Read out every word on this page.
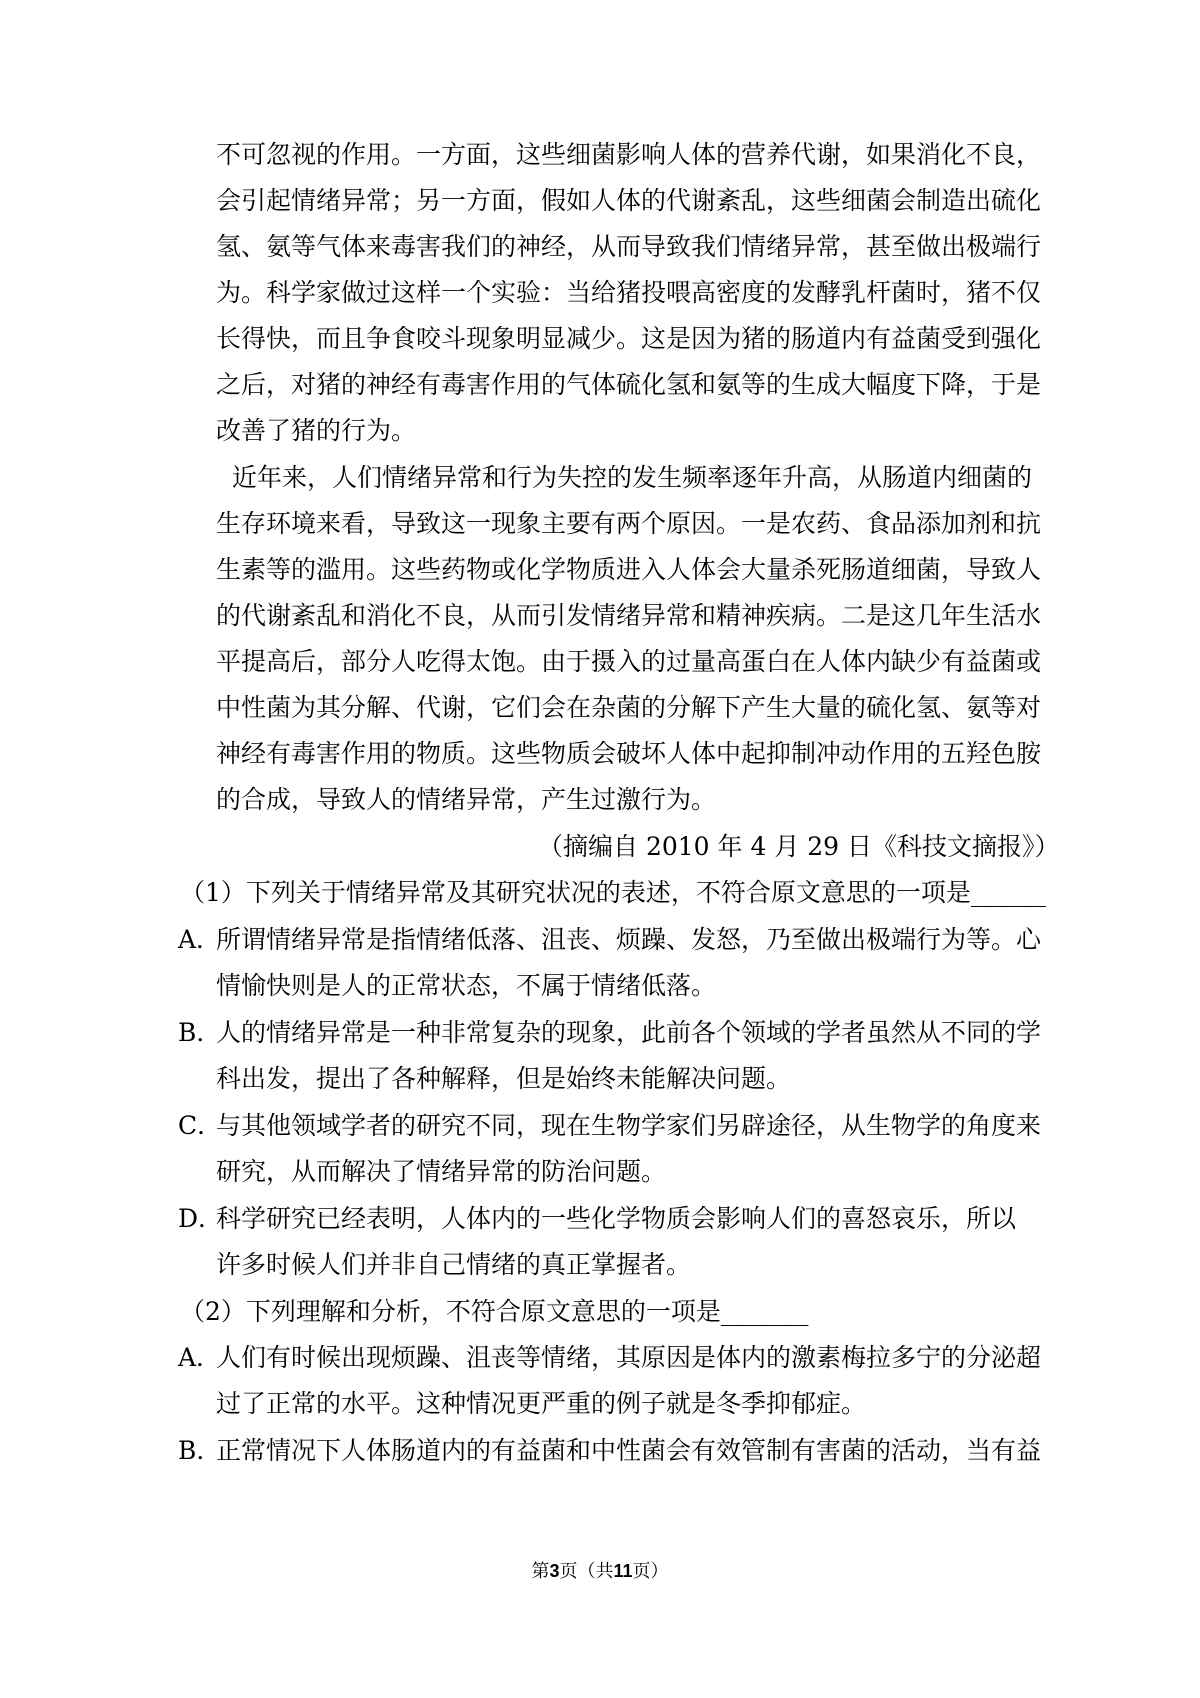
不可忽视的作用。一方面，这些细菌影响人体的营养代谢，如果消化不良，
会引起情绪异常；另一方面，假如人体的代谢紊乱，这些细菌会制造出硫化
氢、氨等气体来毒害我们的神经，从而导致我们情绪异常，甚至做出极端行
为。科学家做过这样一个实验：当给猪投喂高密度的发酵乳杆菌时，猪不仅
长得快，而且争食咬斗现象明显减少。这是因为猪的肠道内有益菌受到强化
之后，对猪的神经有毒害作用的气体硫化氢和氨等的生成大幅度下降，于是
改善了猪的行为。
近年来，人们情绪异常和行为失控的发生频率逐年升高，从肠道内细菌的
生存环境来看，导致这一现象主要有两个原因。一是农药、食品添加剂和抗
生素等的滥用。这些药物或化学物质进入人体会大量杀死肠道细菌，导致人
的代谢紊乱和消化不良，从而引发情绪异常和精神疾病。二是这几年生活水
平提高后，部分人吃得太饱。由于摄入的过量高蛋白在人体内缺少有益菌或
中性菌为其分解、代谢，它们会在杂菌的分解下产生大量的硫化氢、氨等对
神经有毒害作用的物质。这些物质会破坏人体中起抑制冲动作用的五羟色胺
的合成，导致人的情绪异常，产生过激行为。
（摘编自 2010 年 4 月 29 日《科技文摘报》）
（1）下列关于情绪异常及其研究状况的表述，不符合原文意思的一项是______
A．
所谓情绪异常是指情绪低落、沮丧、烦躁、发怒，乃至做出极端行为等。心
情愉快则是人的正常状态，不属于情绪低落。
B．
人的情绪异常是一种非常复杂的现象，此前各个领域的学者虽然从不同的学
科出发，提出了各种解释，但是始终未能解决问题。
C．
与其他领域学者的研究不同，现在生物学家们另辟途径，从生物学的角度来
研究，从而解决了情绪异常的防治问题。
D．
科学研究已经表明，人体内的一些化学物质会影响人们的喜怒哀乐，所以
许多时候人们并非自己情绪的真正掌握者。
（2）下列理解和分析，不符合原文意思的一项是_______
A．
人们有时候出现烦躁、沮丧等情绪，其原因是体内的激素梅拉多宁的分泌超
过了正常的水平。这种情况更严重的例子就是冬季抑郁症。
B．
正常情况下人体肠道内的有益菌和中性菌会有效管制有害菌的活动，当有益
第3页（共11页）
